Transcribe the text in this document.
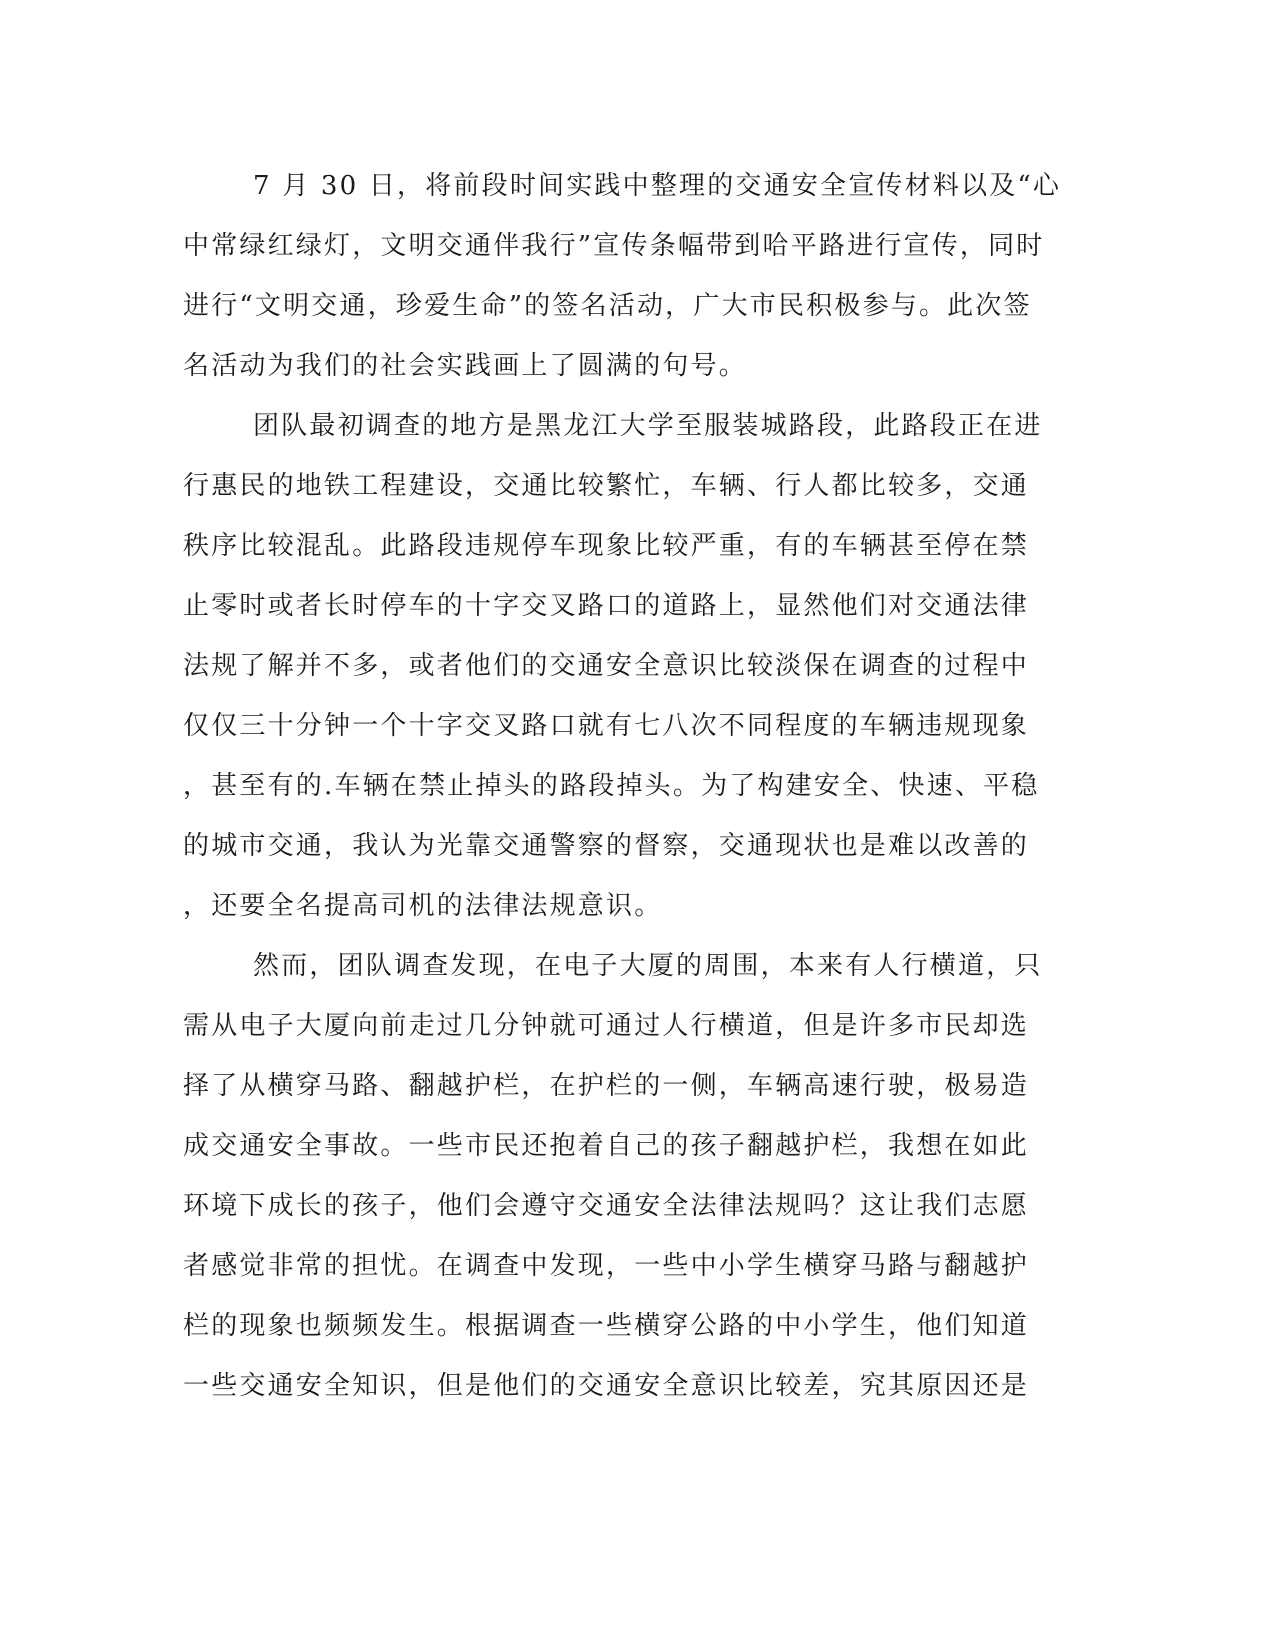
7 月 30 日，将前段时间实践中整理的交通安全宣传材料以及“心
中常绿红绿灯，文明交通伴我行”宣传条幅带到哈平路进行宣传，同时
进行“文明交通，珍爱生命”的签名活动，广大市民积极参与。此次签
名活动为我们的社会实践画上了圆满的句号。
团队最初调查的地方是黑龙江大学至服装城路段，此路段正在进
行惠民的地铁工程建设，交通比较繁忙，车辆、行人都比较多，交通
秩序比较混乱。此路段违规停车现象比较严重，有的车辆甚至停在禁
止零时或者长时停车的十字交叉路口的道路上，显然他们对交通法律
法规了解并不多，或者他们的交通安全意识比较淡保在调查的过程中
仅仅三十分钟一个十字交叉路口就有七八次不同程度的车辆违规现象
，甚至有的.车辆在禁止掉头的路段掉头。为了构建安全、快速、平稳
的城市交通，我认为光靠交通警察的督察，交通现状也是难以改善的
，还要全名提高司机的法律法规意识。
然而，团队调查发现，在电子大厦的周围，本来有人行横道，只
需从电子大厦向前走过几分钟就可通过人行横道，但是许多市民却选
择了从横穿马路、翻越护栏，在护栏的一侧，车辆高速行驶，极易造
成交通安全事故。一些市民还抱着自己的孩子翻越护栏，我想在如此
环境下成长的孩子，他们会遵守交通安全法律法规吗？这让我们志愿
者感觉非常的担忧。在调查中发现，一些中小学生横穿马路与翻越护
栏的现象也频频发生。根据调查一些横穿公路的中小学生，他们知道
一些交通安全知识，但是他们的交通安全意识比较差，究其原因还是
